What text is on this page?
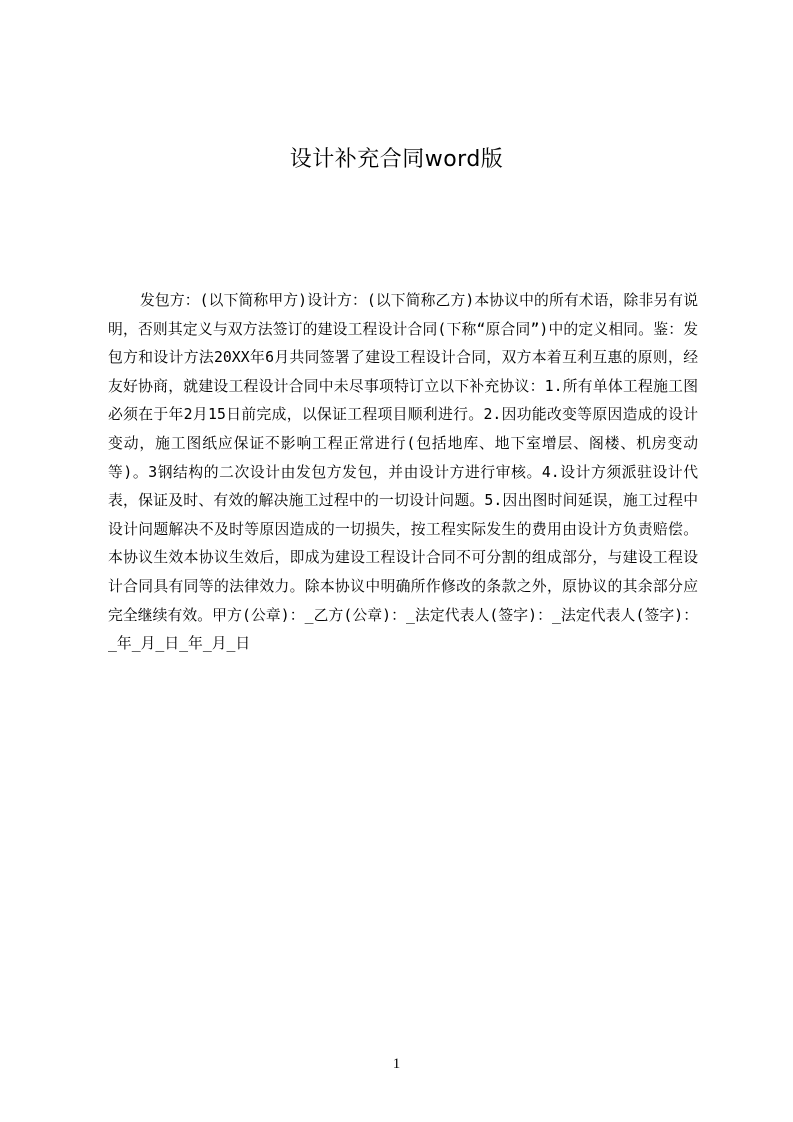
设计补充合同word版

发包方：(以下简称甲方)设计方：(以下简称乙方)本协议中的所有术语，除非另有说明，否则其定义与双方法签订的建设工程设计合同(下称“原合同”)中的定义相同。鉴：发包方和设计方法20XX年6月共同签署了建设工程设计合同，双方本着互利互惠的原则，经友好协商，就建设工程设计合同中未尽事项特订立以下补充协议：1.所有单体工程施工图必须在于年2月15日前完成，以保证工程项目顺利进行。2.因功能改变等原因造成的设计变动，施工图纸应保证不影响工程正常进行(包括地库、地下室增层、阁楼、机房变动等)。3钢结构的二次设计由发包方发包，并由设计方进行审核。4.设计方须派驻设计代表，保证及时、有效的解决施工过程中的一切设计问题。5.因出图时间延误，施工过程中设计问题解决不及时等原因造成的一切损失，按工程实际发生的费用由设计方负责赔偿。本协议生效本协议生效后，即成为建设工程设计合同不可分割的组成部分，与建设工程设计合同具有同等的法律效力。除本协议中明确所作修改的条款之外，原协议的其余部分应完全继续有效。甲方(公章)：_乙方(公章)：_法定代表人(签字)：_法定代表人(签字)：_年_月_日_年_月_日

1
